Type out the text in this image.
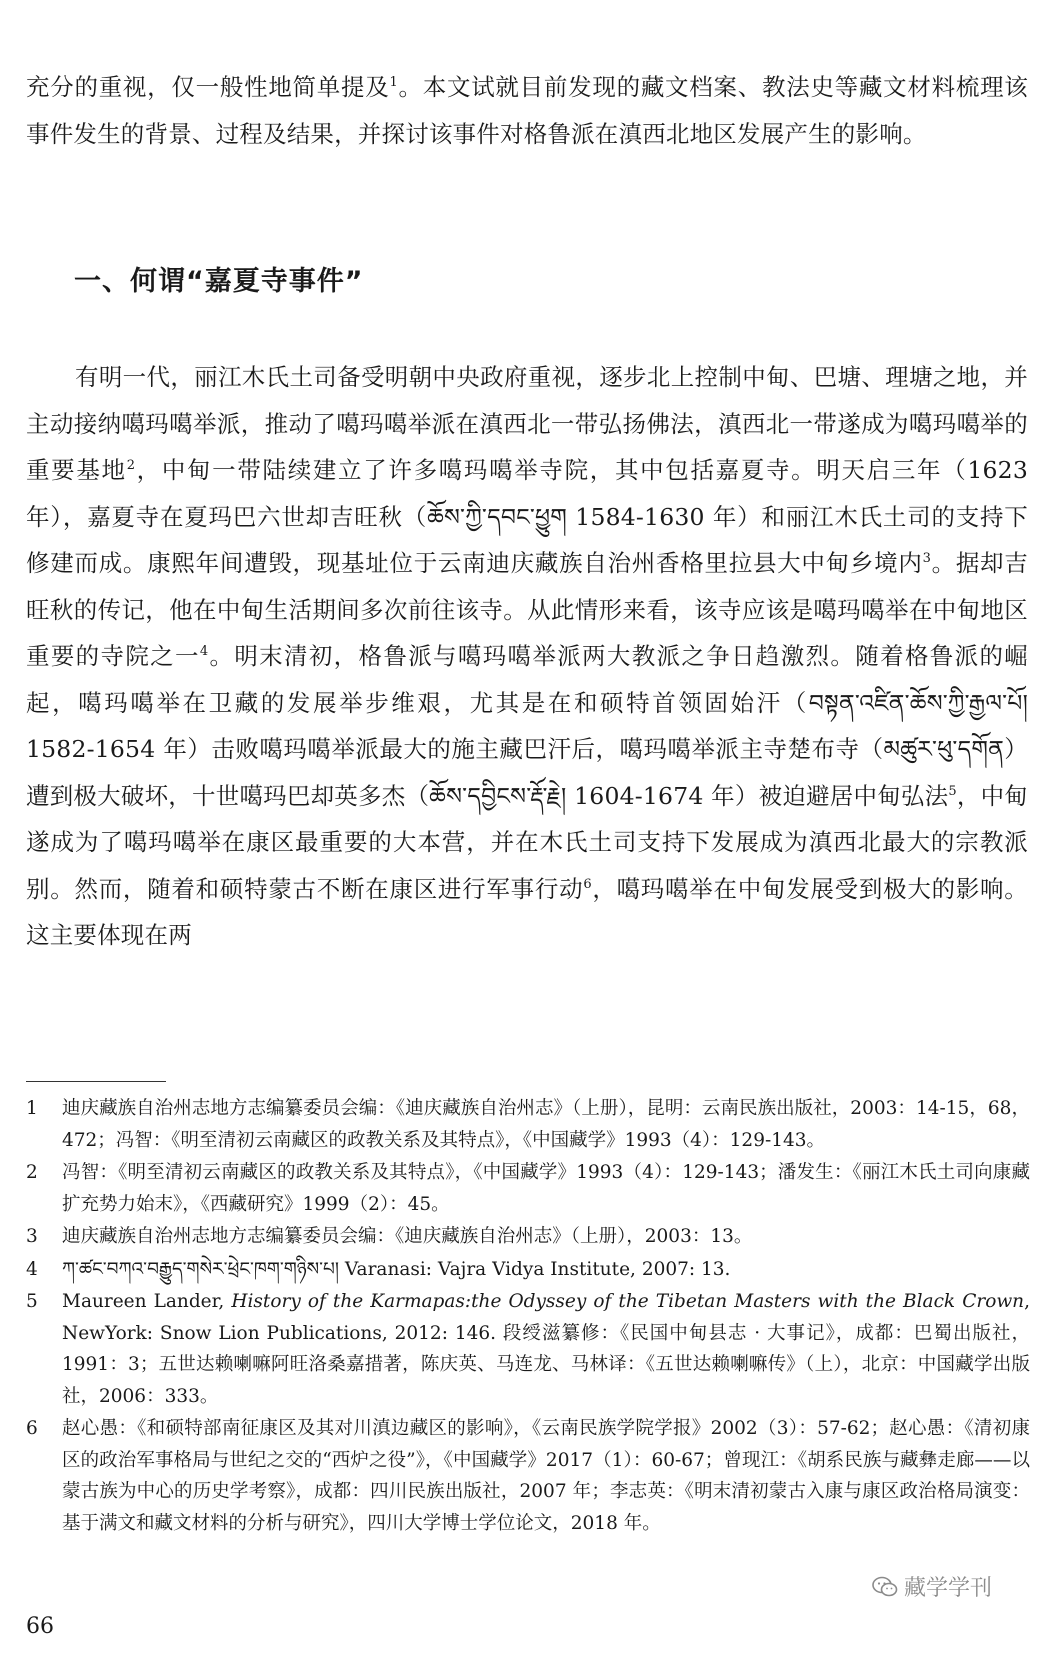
充分的重视，仅一般性地简单提及$^1$。本文试就目前发现的藏文档案、教法史等藏文材料梳理该事件发生的背景、过程及结果，并探讨该事件对格鲁派在滇西北地区发展产生的影响。

一、何谓“嘉夏寺事件”

有明一代，丽江木氏土司备受明朝中央政府重视，逐步北上控制中甸、巴塘、理塘之地，并主动接纳噶玛噶举派，推动了噶玛噶举派在滇西北一带弘扬佛法，滇西北一带遂成为噶玛噶举的重要基地$^2$，中甸一带陆续建立了许多噶玛噶举寺院，其中包括嘉夏寺。明天启三年（1623 年），嘉夏寺在夏玛巴六世却吉旺秋（ཆོས་ཀྱི་དབང་ཕྱུག 1584-1630 年）和丽江木氏土司的支持下修建而成。康熙年间遭毁，现基址位于云南迪庆藏族自治州香格里拉县大中甸乡境内$^3$。据却吉旺秋的传记，他在中甸生活期间多次前往该寺。从此情形来看，该寺应该是噶玛噶举在中甸地区重要的寺院之一$^4$。明末清初，格鲁派与噶玛噶举派两大教派之争日趋激烈。随着格鲁派的崛起，噶玛噶举在卫藏的发展举步维艰，尤其是在和硕特首领固始汗（བསྟན་འཛིན་ཆོས་ཀྱི་རྒྱལ་པོ། 1582-1654 年）击败噶玛噶举派最大的施主藏巴汗后，噶玛噶举派主寺楚布寺（མཚུར་ཕུ་དགོན）遭到极大破坏，十世噶玛巴却英多杰（ཆོས་དབྱིངས་རྡོ་རྗེ། 1604-1674 年）被迫避居中甸弘法$^5$，中甸遂成为了噶玛噶举在康区最重要的大本营，并在木氏土司支持下发展成为滇西北最大的宗教派别。然而，随着和硕特蒙古不断在康区进行军事行动$^6$，噶玛噶举在中甸发展受到极大的影响。这主要体现在两

1	迪庆藏族自治州志地方志编纂委员会编：《迪庆藏族自治州志》（上册），昆明：云南民族出版社，2003：14-15，68，472；冯智：《明至清初云南藏区的政教关系及其特点》，《中国藏学》1993（4）：129-143。
2	冯智：《明至清初云南藏区的政教关系及其特点》，《中国藏学》1993（4）：129-143；潘发生：《丽江木氏土司向康藏扩充势力始末》，《西藏研究》1999（2）：45。
3	迪庆藏族自治州志地方志编纂委员会编：《迪庆藏族自治州志》（上册），2003：13。
4	ཀ་ཚང་བཀའ་བརྒྱུད་གསེར་ཕྲེང་ཁག་གཉིས་པ། Varanasi: Vajra Vidya Institute, 2007: 13.
5	Maureen Lander, History of the Karmapas:the Odyssey of the Tibetan Masters with the Black Crown, NewYork: Snow Lion Publications, 2012: 146. 段绶滋纂修：《民国中甸县志 · 大事记》，成都：巴蜀出版社，1991：3；五世达赖喇嘛阿旺洛桑嘉措著，陈庆英、马连龙、马林译：《五世达赖喇嘛传》（上），北京：中国藏学出版社，2006：333。
6	赵心愚：《和硕特部南征康区及其对川滇边藏区的影响》，《云南民族学院学报》2002（3）：57-62；赵心愚：《清初康区的政治军事格局与世纪之交的“西炉之役”》，《中国藏学》2017（1）：60-67；曾现江：《胡系民族与藏彝走廊——以蒙古族为中心的历史学考察》，成都：四川民族出版社，2007 年；李志英：《明末清初蒙古入康与康区政治格局演变：基于满文和藏文材料的分析与研究》，四川大学博士学位论文，2018 年。
藏学学刊
66
